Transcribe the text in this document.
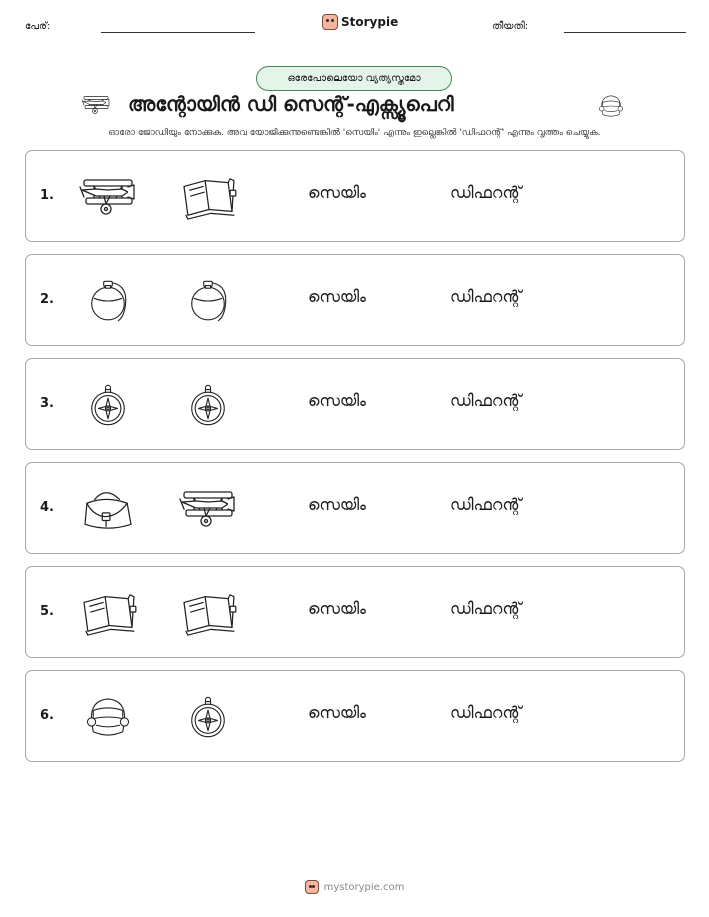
പേര്:	Storypie	തീയതി:
ഒരേപോലെയോ വ്യത്യസ്തമോ
അന്റോയിൻ ഡി സെന്റ്-എക്സ്യൂപെറി
ഓരോ ജോഡിയും നോക്കുക. അവ യോജിക്കുന്നുണ്ടെങ്കിൽ 'സെയിം' എന്നും ഇല്ലെങ്കിൽ 'ഡിഫറന്റ്' എന്നും വൃത്തം ചെയ്യുക.
1.	സെയിം	ഡിഫറന്റ്
2.	സെയിം	ഡിഫറന്റ്
3.	സെയിം	ഡിഫറന്റ്
4.	സെയിം	ഡിഫറന്റ്
5.	സെയിം	ഡിഫറന്റ്
6.	സെയിം	ഡിഫറന്റ്
mystorypie.com
